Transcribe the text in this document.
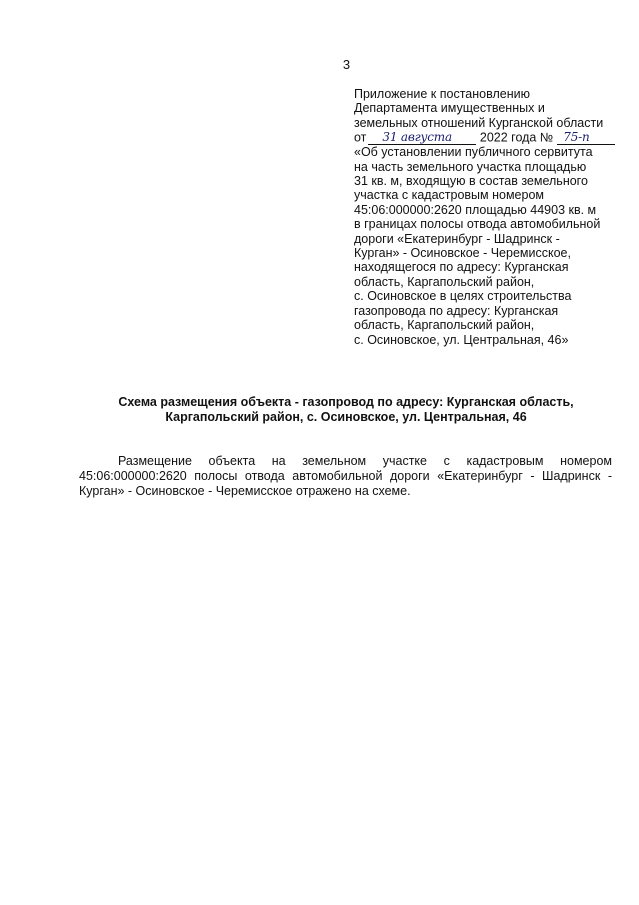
3
Приложение к постановлению
Департамента имущественных и
земельных отношений Курганской области
от 31 августа 2022 года № 75-п
«Об установлении публичного сервитута
на часть земельного участка площадью
31 кв. м, входящую в состав земельного
участка с кадастровым номером
45:06:000000:2620 площадью 44903 кв. м
в границах полосы отвода автомобильной
дороги «Екатеринбург - Шадринск -
Курган» - Осиновское - Черемисское,
находящегося по адресу: Курганская
область, Каргапольский район,
с. Осиновское в целях строительства
газопровода по адресу: Курганская
область, Каргапольский район,
с. Осиновское, ул. Центральная, 46»
Схема размещения объекта - газопровод по адресу: Курганская область,
Каргапольский район, с. Осиновское, ул. Центральная, 46

Размещение объекта на земельном участке с кадастровым номером 45:06:000000:2620 полосы отвода автомобильной дороги «Екатеринбург - Шадринск - Курган» - Осиновское - Черемисское отражено на схеме.
